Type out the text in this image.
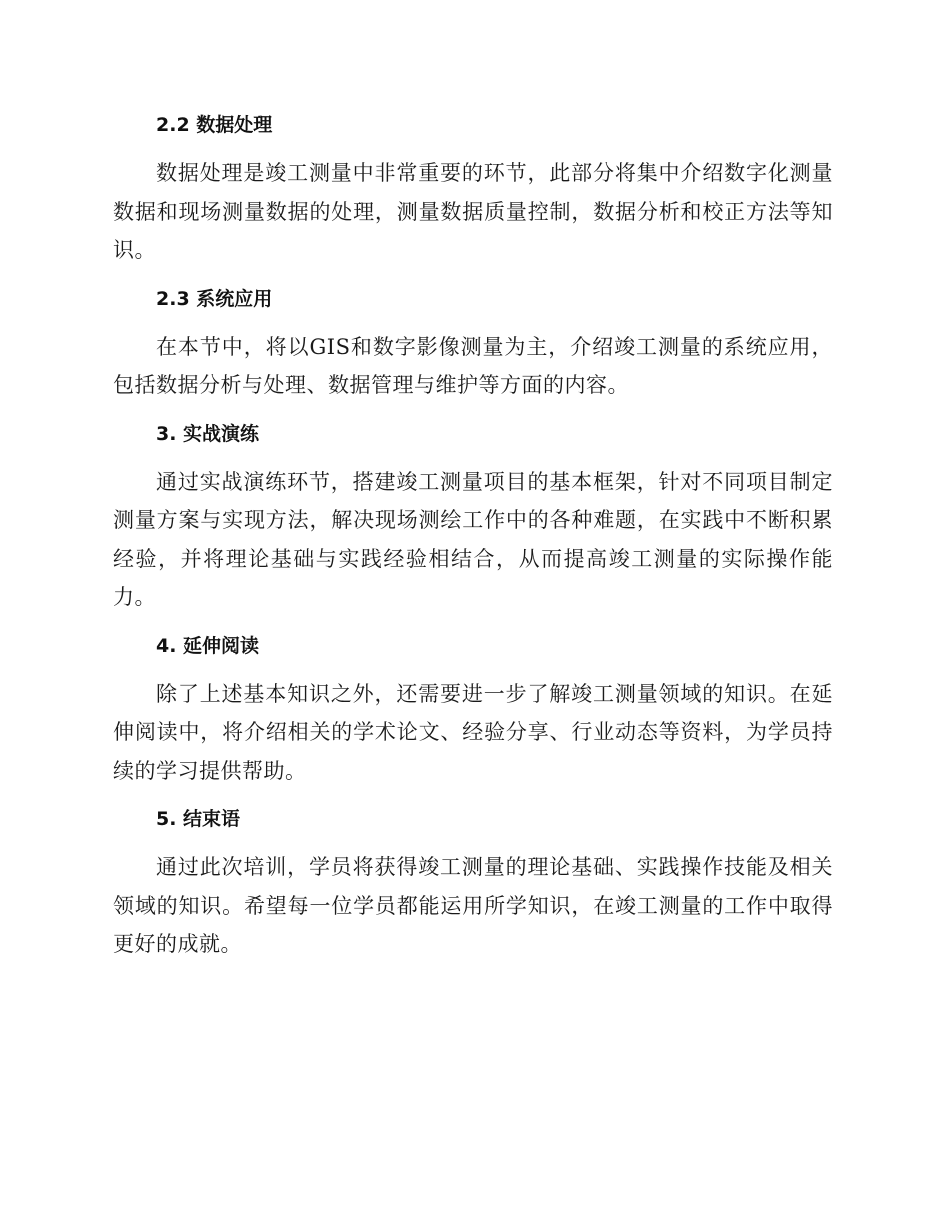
2.2 数据处理

数据处理是竣工测量中非常重要的环节，此部分将集中介绍数字化测量数据和现场测量数据的处理，测量数据质量控制，数据分析和校正方法等知识。

2.3 系统应用

在本节中，将以GIS和数字影像测量为主，介绍竣工测量的系统应用，包括数据分析与处理、数据管理与维护等方面的内容。

3. 实战演练

通过实战演练环节，搭建竣工测量项目的基本框架，针对不同项目制定测量方案与实现方法，解决现场测绘工作中的各种难题，在实践中不断积累经验，并将理论基础与实践经验相结合，从而提高竣工测量的实际操作能力。

4. 延伸阅读

除了上述基本知识之外，还需要进一步了解竣工测量领域的知识。在延伸阅读中，将介绍相关的学术论文、经验分享、行业动态等资料，为学员持续的学习提供帮助。

5. 结束语

通过此次培训，学员将获得竣工测量的理论基础、实践操作技能及相关领域的知识。希望每一位学员都能运用所学知识，在竣工测量的工作中取得更好的成就。
